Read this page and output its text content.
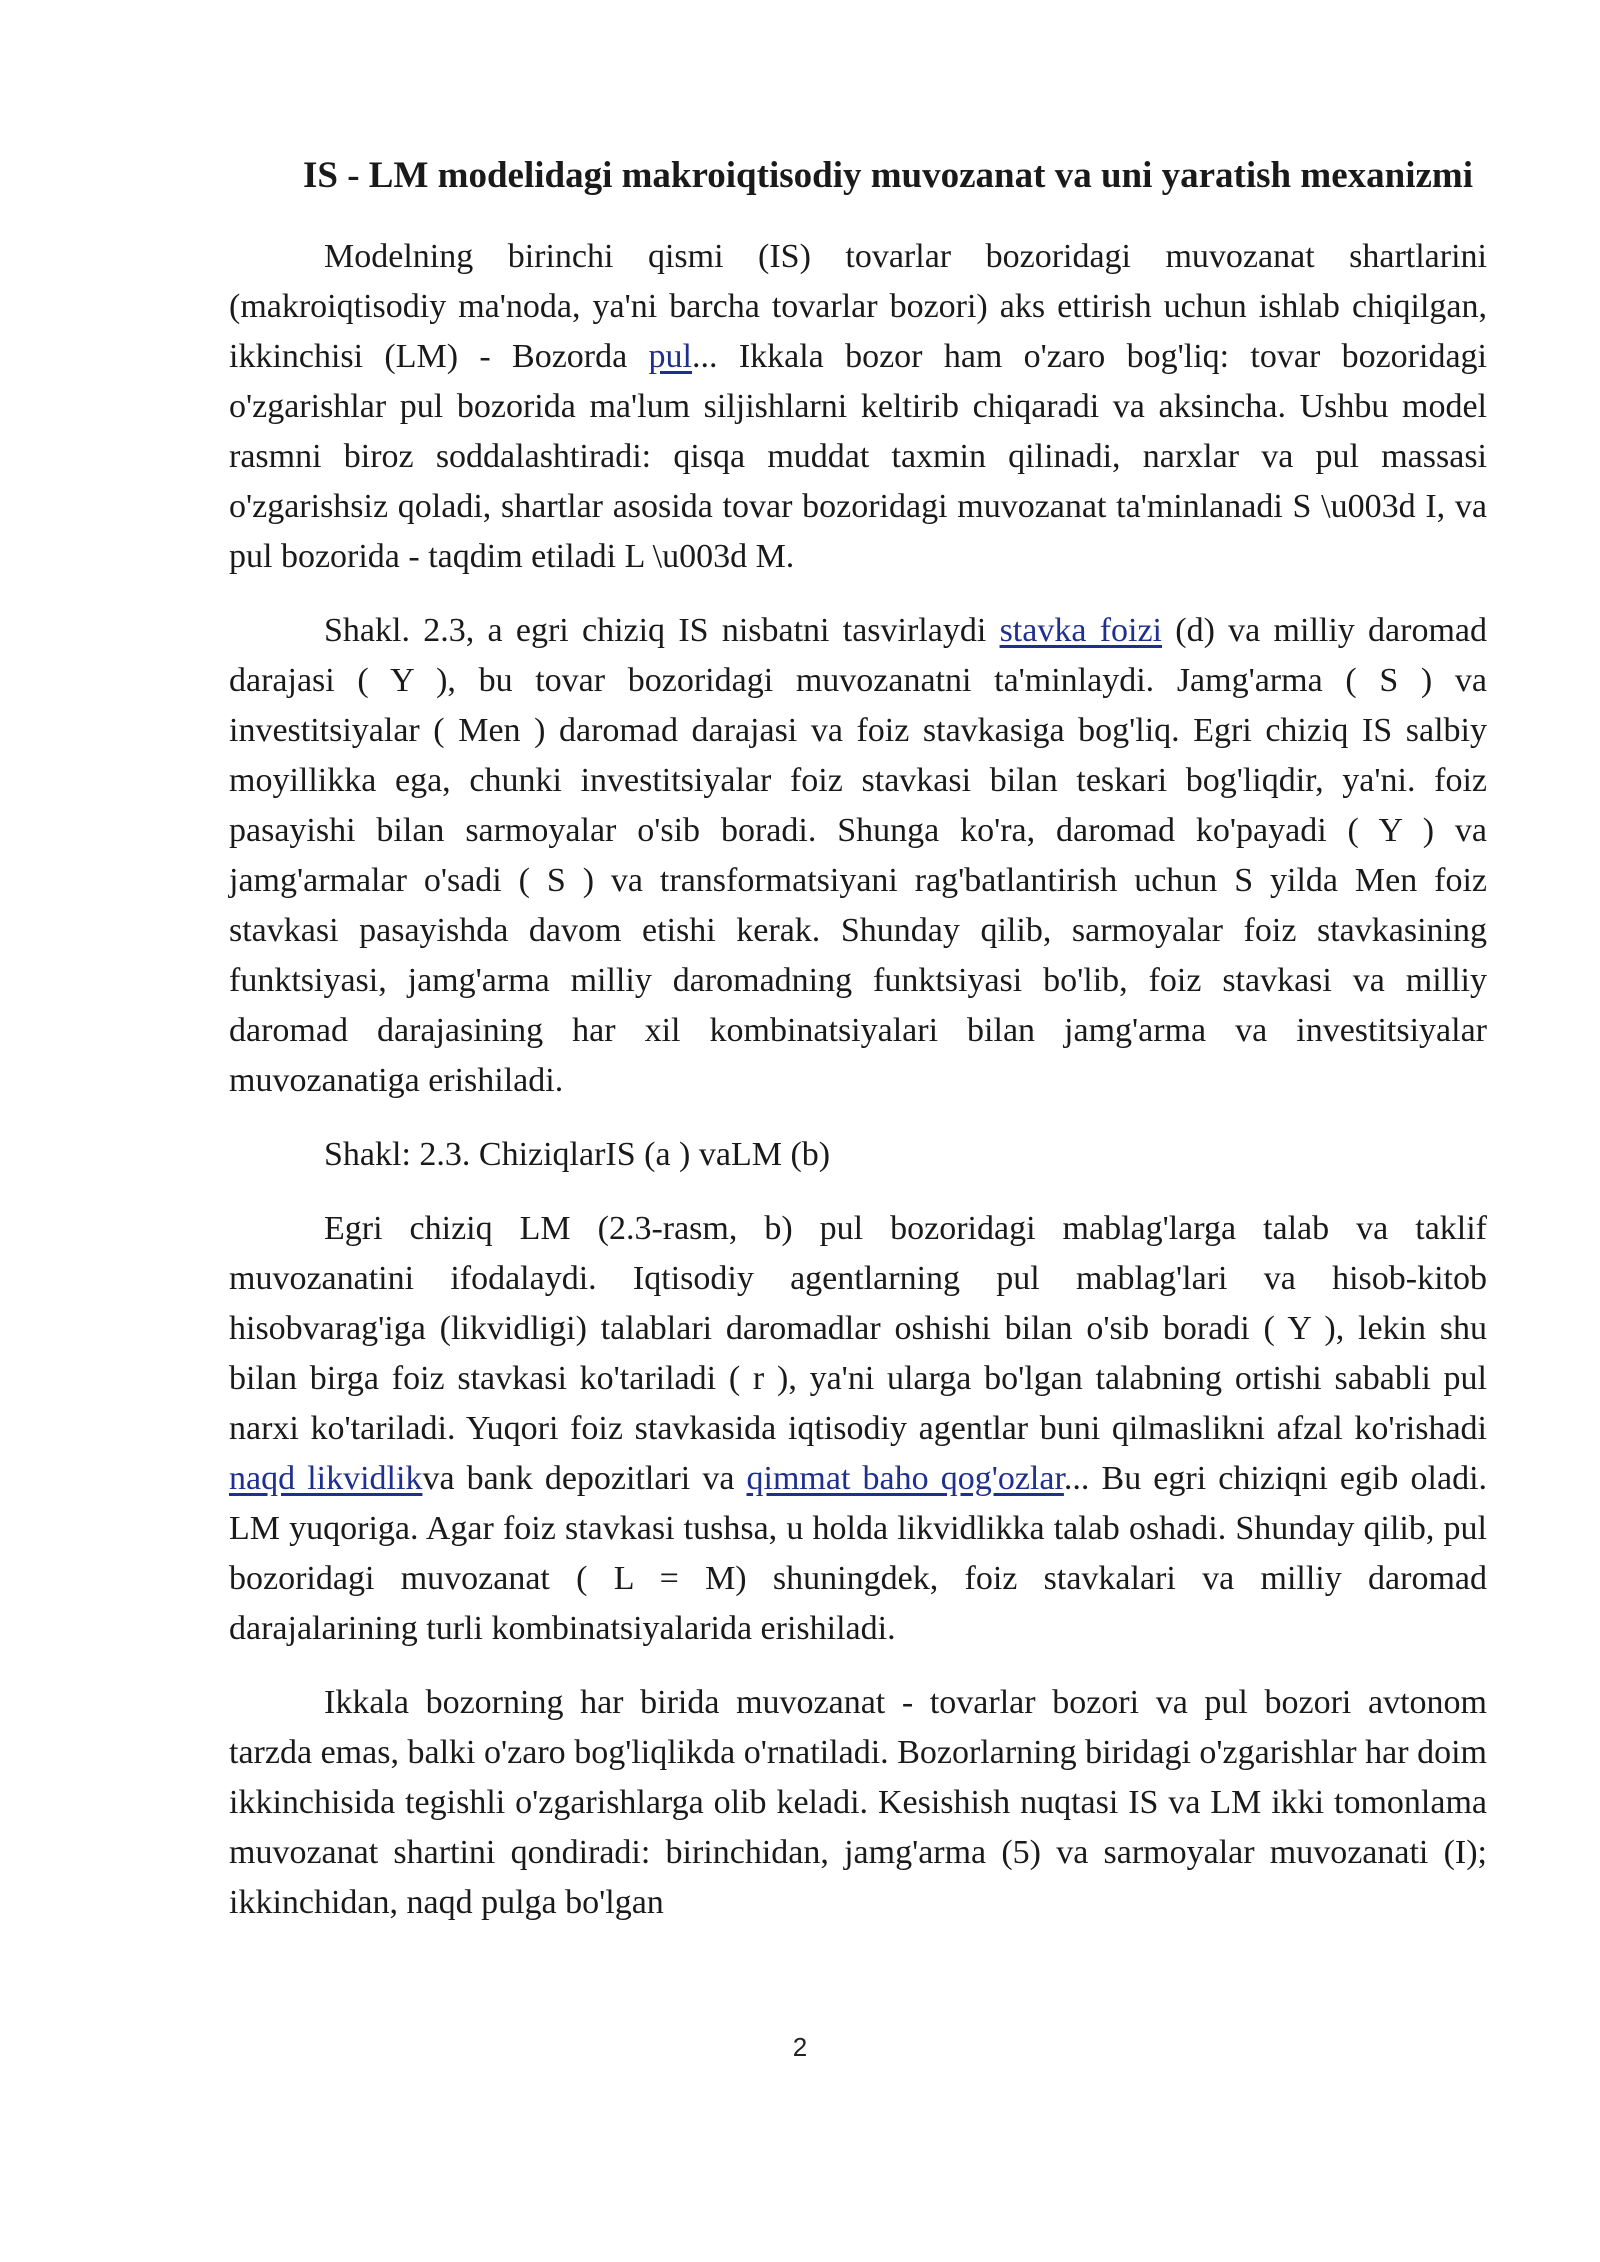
IS - LM modelidagi makroiqtisodiy muvozanat va uni yaratish mexanizmi

Modelning birinchi qismi (IS) tovarlar bozoridagi muvozanat shartlarini (makroiqtisodiy ma'noda, ya'ni barcha tovarlar bozori) aks ettirish uchun ishlab chiqilgan, ikkinchisi (LM) - Bozorda pul... Ikkala bozor ham o'zaro bog'liq: tovar bozoridagi o'zgarishlar pul bozorida ma'lum siljishlarni keltirib chiqaradi va aksincha. Ushbu model rasmni biroz soddalashtiradi: qisqa muddat taxmin qilinadi, narxlar va pul massasi o'zgarishsiz qoladi, shartlar asosida tovar bozoridagi muvozanat ta'minlanadi S \u003d I, va pul bozorida - taqdim etiladi L \u003d M.

Shakl. 2.3, a egri chiziq IS nisbatni tasvirlaydi stavka foizi (d) va milliy daromad darajasi ( Y ), bu tovar bozoridagi muvozanatni ta'minlaydi. Jamg'arma ( S ) va investitsiyalar ( Men ) daromad darajasi va foiz stavkasiga bog'liq. Egri chiziq IS salbiy moyillikka ega, chunki investitsiyalar foiz stavkasi bilan teskari bog'liqdir, ya'ni. foiz pasayishi bilan sarmoyalar o'sib boradi. Shunga ko'ra, daromad ko'payadi ( Y ) va jamg'armalar o'sadi ( S ) va transformatsiyani rag'batlantirish uchun S yilda Men foiz stavkasi pasayishda davom etishi kerak. Shunday qilib, sarmoyalar foiz stavkasining funktsiyasi, jamg'arma milliy daromadning funktsiyasi bo'lib, foiz stavkasi va milliy daromad darajasining har xil kombinatsiyalari bilan jamg'arma va investitsiyalar muvozanatiga erishiladi.

Shakl: 2.3. ChiziqlarIS (a ) vaLM (b)

Egri chiziq LM (2.3-rasm, b) pul bozoridagi mablag'larga talab va taklif muvozanatini ifodalaydi. Iqtisodiy agentlarning pul mablag'lari va hisob-kitob hisobvarag'iga (likvidligi) talablari daromadlar oshishi bilan o'sib boradi ( Y ), lekin shu bilan birga foiz stavkasi ko'tariladi ( r ), ya'ni ularga bo'lgan talabning ortishi sababli pul narxi ko'tariladi. Yuqori foiz stavkasida iqtisodiy agentlar buni qilmaslikni afzal ko'rishadi naqd likvidlikva bank depozitlari va qimmat baho qog'ozlar... Bu egri chiziqni egib oladi. LM yuqoriga. Agar foiz stavkasi tushsa, u holda likvidlikka talab oshadi. Shunday qilib, pul bozoridagi muvozanat ( L = M) shuningdek, foiz stavkalari va milliy daromad darajalarining turli kombinatsiyalarida erishiladi.

Ikkala bozorning har birida muvozanat - tovarlar bozori va pul bozori avtonom tarzda emas, balki o'zaro bog'liqlikda o'rnatiladi. Bozorlarning biridagi o'zgarishlar har doim ikkinchisida tegishli o'zgarishlarga olib keladi. Kesishish nuqtasi IS va LM ikki tomonlama muvozanat shartini qondiradi: birinchidan, jamg'arma (5) va sarmoyalar muvozanati (I); ikkinchidan, naqd pulga bo'lgan

2
